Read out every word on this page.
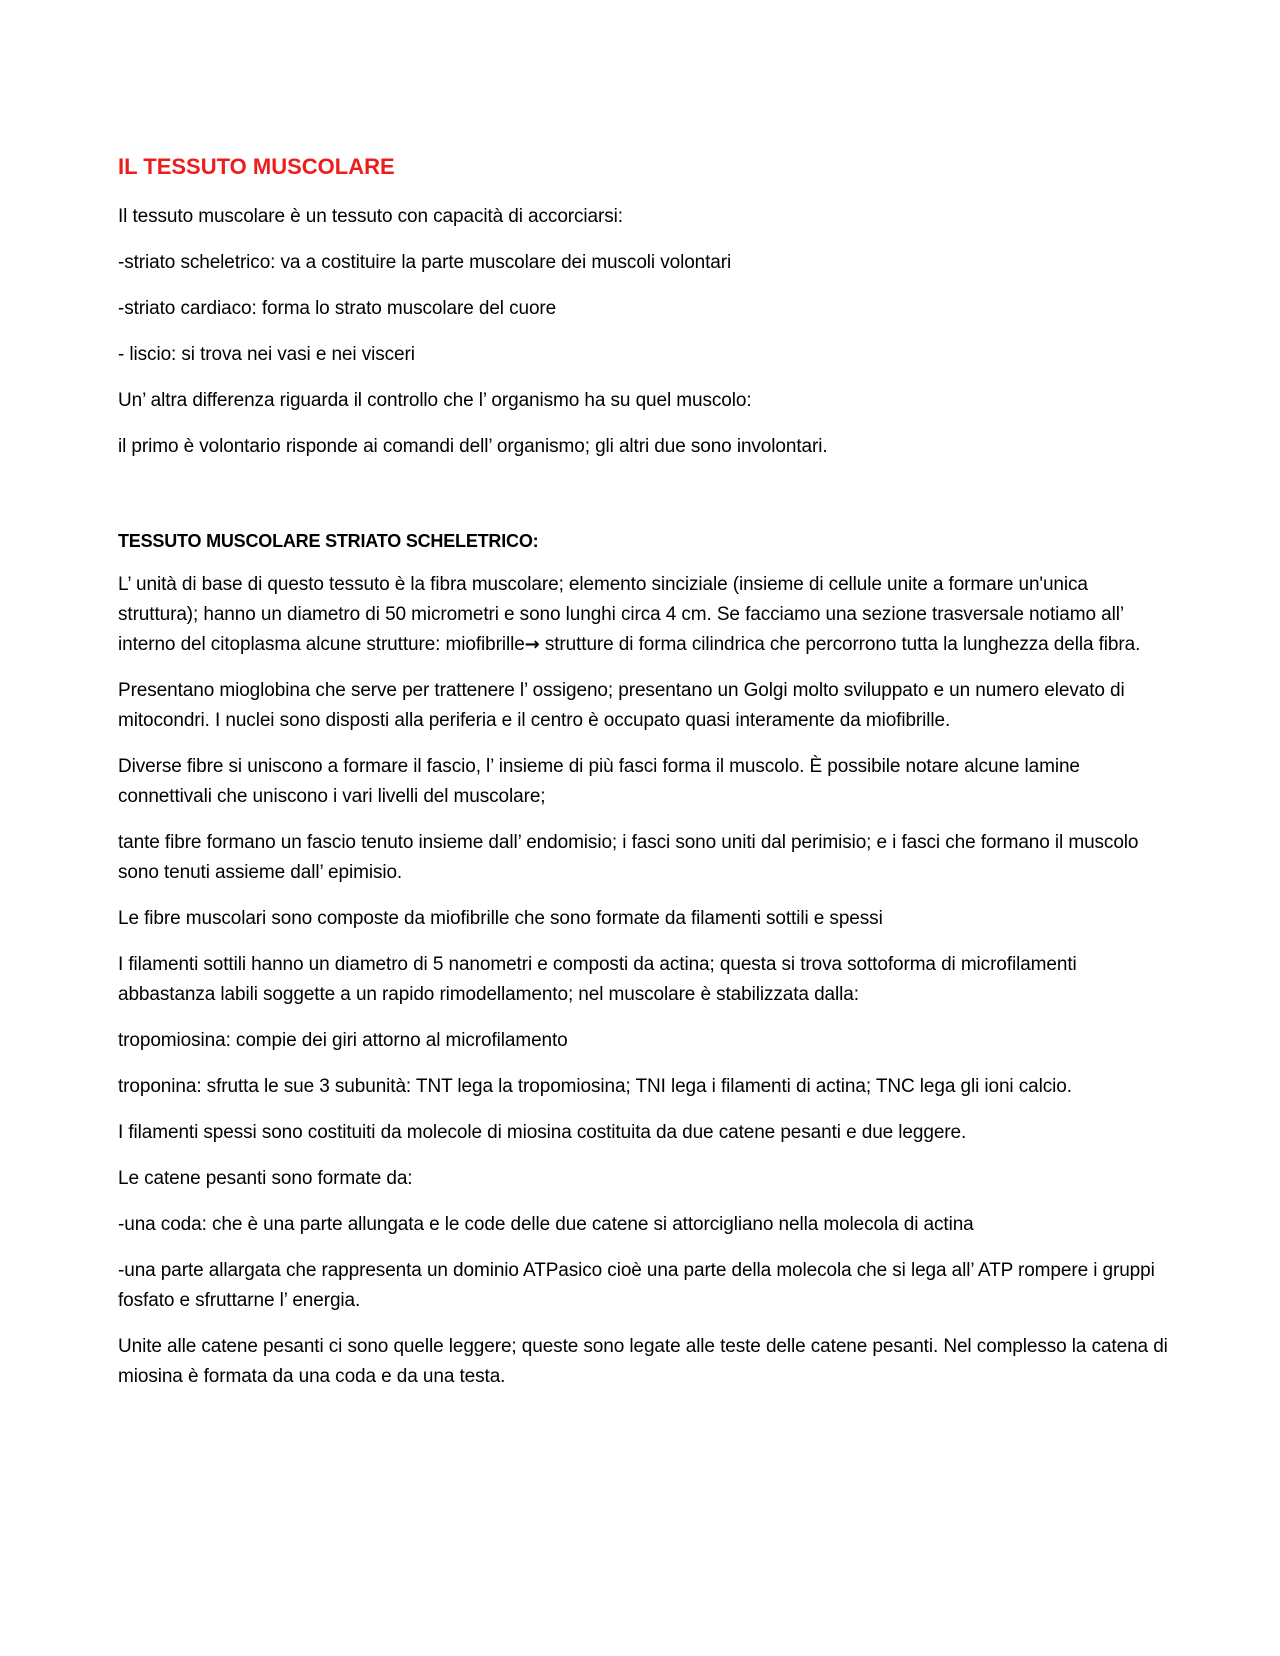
IL TESSUTO MUSCOLARE

Il tessuto muscolare è un tessuto con capacità di accorciarsi:

-striato scheletrico: va a costituire la parte muscolare dei muscoli volontari

-striato cardiaco: forma lo strato muscolare del cuore

- liscio: si trova nei vasi e nei visceri

Un’ altra differenza riguarda il controllo che l’ organismo ha su quel muscolo:

il primo è volontario risponde ai comandi dell’ organismo; gli altri due sono involontari.

TESSUTO MUSCOLARE STRIATO SCHELETRICO:

L’ unità di base di questo tessuto è la fibra muscolare; elemento sinciziale (insieme di cellule unite a formare un'unica struttura); hanno un diametro di 50 micrometri e sono lunghi circa 4 cm. Se facciamo una sezione trasversale notiamo all’ interno del citoplasma alcune strutture: miofibrille→ strutture di forma cilindrica che percorrono tutta la lunghezza della fibra.

Presentano mioglobina che serve per trattenere l’ ossigeno; presentano un Golgi molto sviluppato e un numero elevato di mitocondri. I nuclei sono disposti alla periferia e il centro è occupato quasi interamente da miofibrille.

Diverse fibre si uniscono a formare il fascio, l’ insieme di più fasci forma il muscolo. È possibile notare alcune lamine connettivali che uniscono i vari livelli del muscolare;

tante fibre formano un fascio tenuto insieme dall’ endomisio; i fasci sono uniti dal perimisio; e i fasci che formano il muscolo sono tenuti assieme dall’ epimisio.

Le fibre muscolari sono composte da miofibrille che sono formate da filamenti sottili e spessi

I filamenti sottili hanno un diametro di 5 nanometri e composti da actina; questa si trova sottoforma di microfilamenti abbastanza labili soggette a un rapido rimodellamento; nel muscolare è stabilizzata dalla:

tropomiosina: compie dei giri attorno al microfilamento

troponina: sfrutta le sue 3 subunità: TNT lega la tropomiosina; TNI lega i filamenti di actina; TNC lega gli ioni calcio.

I filamenti spessi sono costituiti da molecole di miosina costituita da due catene pesanti e due leggere.

Le catene pesanti sono formate da:

-una coda: che è una parte allungata e le code delle due catene si attorcigliano nella molecola di actina

-una parte allargata che rappresenta un dominio ATPasico cioè una parte della molecola che si lega all’ ATP rompere i gruppi fosfato e sfruttarne l’ energia.

Unite alle catene pesanti ci sono quelle leggere; queste sono legate alle teste delle catene pesanti. Nel complesso la catena di miosina è formata da una coda e da una testa.
